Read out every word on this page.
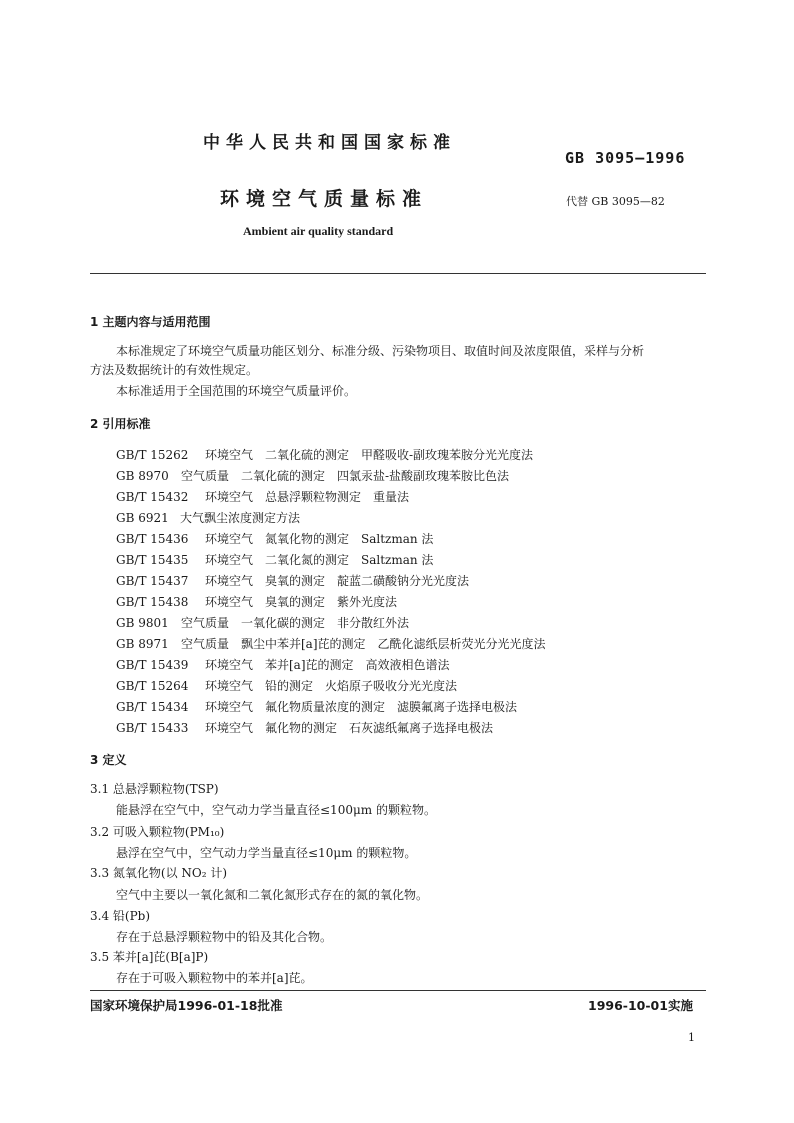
中华人民共和国国家标准
GB 3095—1996
环境空气质量标准	代替 GB 3095—82
Ambient air quality standard
1 主题内容与适用范围
本标准规定了环境空气质量功能区划分、标准分级、污染物项目、取值时间及浓度限值，采样与分析
方法及数据统计的有效性规定。
本标准适用于全国范围的环境空气质量评价。
2 引用标准
GB/T 15262 环境空气　二氧化硫的测定　甲醛吸收-副玫瑰苯胺分光光度法
GB 8970 空气质量　二氧化硫的测定　四氯汞盐-盐酸副玫瑰苯胺比色法
GB/T 15432 环境空气　总悬浮颗粒物测定　重量法
GB 6921 大气飘尘浓度测定方法
GB/T 15436 环境空气　氮氧化物的测定　Saltzman 法
GB/T 15435 环境空气　二氧化氮的测定　Saltzman 法
GB/T 15437 环境空气　臭氧的测定　靛蓝二磺酸钠分光光度法
GB/T 15438 环境空气　臭氧的测定　紫外光度法
GB 9801 空气质量　一氧化碳的测定　非分散红外法
GB 8971 空气质量　飘尘中苯并[a]芘的测定　乙酰化滤纸层析荧光分光光度法
GB/T 15439 环境空气　苯并[a]芘的测定　高效液相色谱法
GB/T 15264 环境空气　铅的测定　火焰原子吸收分光光度法
GB/T 15434 环境空气　氟化物质量浓度的测定　滤膜氟离子选择电极法
GB/T 15433 环境空气　氟化物的测定　石灰滤纸氟离子选择电极法
3 定义
3.1 总悬浮颗粒物(TSP)
能悬浮在空气中，空气动力学当量直径≤100μm 的颗粒物。
3.2 可吸入颗粒物(PM₁₀)
悬浮在空气中，空气动力学当量直径≤10μm 的颗粒物。
3.3 氮氧化物(以 NO₂ 计)
空气中主要以一氧化氮和二氧化氮形式存在的氮的氧化物。
3.4 铅(Pb)
存在于总悬浮颗粒物中的铅及其化合物。
3.5 苯并[a]芘(B[a]P)
存在于可吸入颗粒物中的苯并[a]芘。
国家环境保护局1996-01-18批准	1996-10-01实施
1
